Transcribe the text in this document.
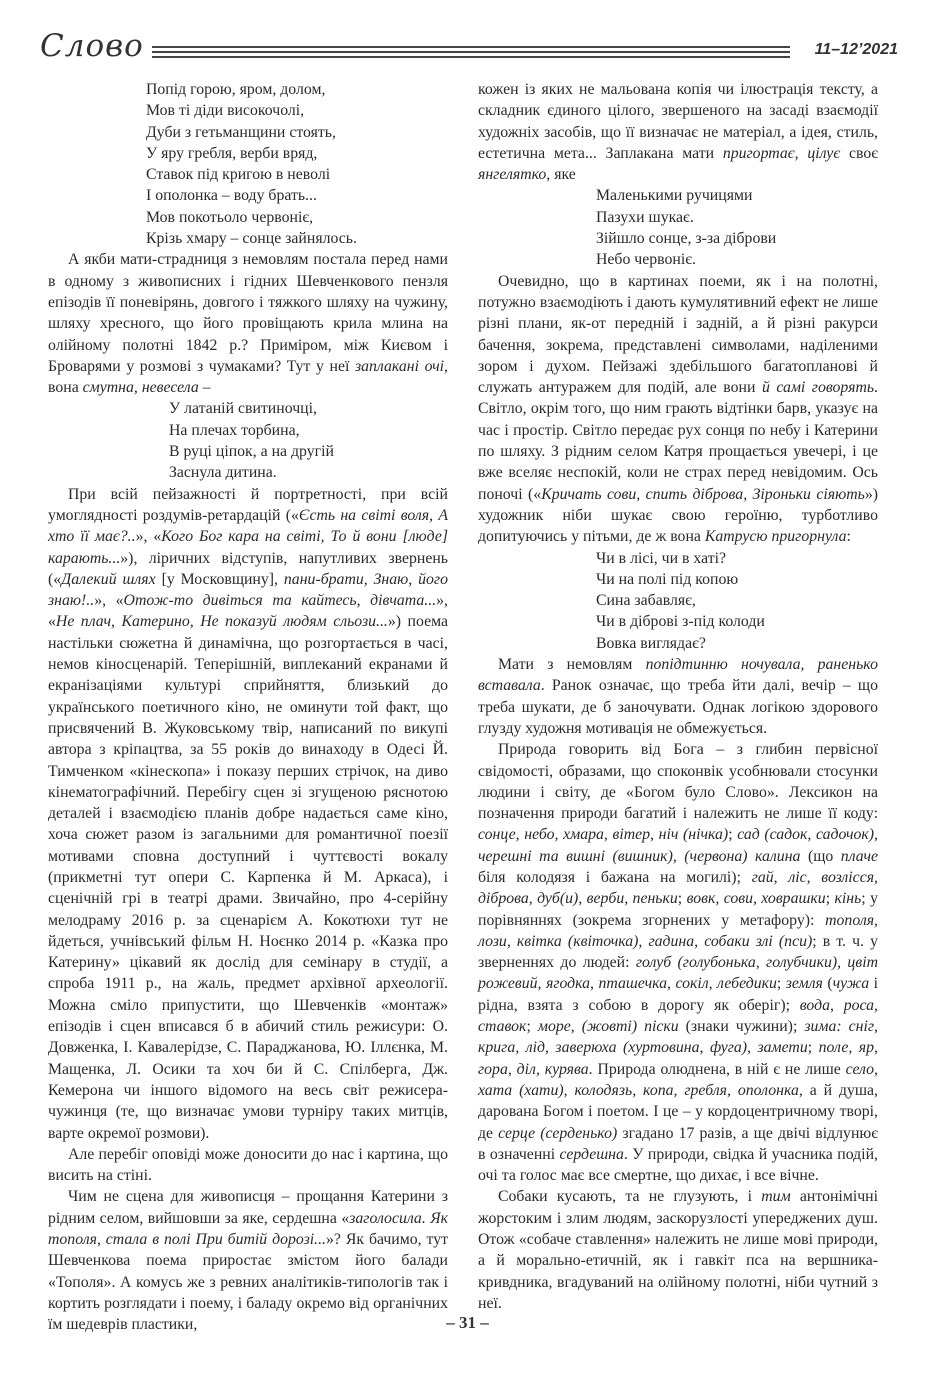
Слово	11–12’2021
Попід горою, яром, долом,
Мов ті діди високочолі,
Дуби з гетьманщини стоять,
У яру гребля, верби вряд,
Ставок під кригою в неволі
І ополонка – воду брать...
Мов покотьоло червоніє,
Крізь хмару – сонце зайнялось.

А якби мати-страдниця з немовлям постала перед нами в одному з живописних і гідних Шевченкового пензля епізодів її поневірянь, довгого і тяжкого шляху на чужину, шляху хресного, що його провіщають крила млина на олійному полотні 1842 р.? Приміром, між Києвом і Броварями у розмові з чумаками? Тут у неї заплакані очі, вона смутна, невесела –

У латаній свитиночці,
На плечах торбина,
В руці ціпок, а на другій
Заснула дитина.

При всій пейзажності й портретності, при всій умоглядності роздумів-ретардацій («Єсть на світі воля, А хто її має?..», «Кого Бог кара на світі, То й вони [люде] карають...»), ліричних відступів, напутливих звернень («Далекий шлях [у Московщину], пани-брати, Знаю, його знаю!..», «Отож-то дивіться та кайтесь, дівчата...», «Не плач, Катерино, Не показуй людям сльози...») поема настільки сюжетна й динамічна, що розгортається в часі, немов кіносценарій. Теперішній, виплеканий екранами й екранізаціями культурі сприйняття, близький до українського поетичного кіно, не оминути той факт, що присвячений В. Жуковському твір, написаний по викупі автора з кріпацтва, за 55 років до винаходу в Одесі Й. Тимченком «кінескопа» і показу перших стрічок, на диво кінематографічний. Перебігу сцен зі згущеною ряснотою деталей і взаємодією планів добре надається саме кіно, хоча сюжет разом із загальними для романтичної поезії мотивами сповна доступний і чуттєвості вокалу (прикметні тут опери С. Карпенка й М. Аркаса), і сценічній грі в театрі драми. Звичайно, про 4-серійну мелодраму 2016 р. за сценарієм А. Кокотюхи тут не йдеться, учнівський фільм Н. Ноєнко 2014 р. «Казка про Катерину» цікавий як дослід для семінару в студії, а спроба 1911 р., на жаль, предмет архівної археології. Можна сміло припустити, що Шевченків «монтаж» епізодів і сцен вписався б в абичий стиль режисури: О. Довженка, І. Кавалерідзе, С. Параджанова, Ю. Іллєнка, М. Мащенка, Л. Осики та хоч би й С. Спілберга, Дж. Кемерона чи іншого відомого на весь світ режисера-чужинця (те, що визначає умови турніру таких митців, варте окремої розмови).

Але перебіг оповіді може доносити до нас і картина, що висить на стіні.

Чим не сцена для живописця – прощання Катерини з рідним селом, вийшовши за яке, сердешна «заголосила. Як тополя, стала в полі При битій дорозі...»? Як бачимо, тут Шевченкова поема приростає змістом його балади «Тополя». А комусь же з ревних аналітиків-типологів так і кортить розглядати і поему, і баладу окремо від органічних їм шедеврів пластики,

кожен із яких не мальована копія чи ілюстрація тексту, а складник єдиного цілого, звершеного на засаді взаємодії художніх засобів, що її визначає не матеріал, а ідея, стиль, естетична мета... Заплакана мати пригортає, цілує своє янгелятко, яке

Маленькими ручицями
Пазухи шукає.
Зійшло сонце, з-за діброви
Небо червоніє.

Очевидно, що в картинах поеми, як і на полотні, потужно взаємодіють і дають кумулятивний ефект не лише різні плани, як-от передній і задній, а й різні ракурси бачення, зокрема, представлені символами, наділеними зором і духом. Пейзажі здебільшого багатопланові й служать антуражем для подій, але вони й самі говорять. Світло, окрім того, що ним грають відтінки барв, указує на час і простір. Світло передає рух сонця по небу і Катерини по шляху. З рідним селом Катря прощається увечері, і це вже вселяє неспокій, коли не страх перед невідомим. Ось поночі («Кричать сови, спить діброва, Зіроньки сіяють») художник ніби шукає свою героїню, турботливо допитуючись у пітьми, де ж вона Катрусю пригорнула:

Чи в лісі, чи в хаті?
Чи на полі під копою
Сина забавляє,
Чи в діброві з-під колоди
Вовка виглядає?

Мати з немовлям попідтинню ночувала, раненько вставала. Ранок означає, що треба йти далі, вечір – що треба шукати, де б заночувати. Однак логікою здорового глузду художня мотивація не обмежується.

Природа говорить від Бога – з глибин первісної свідомості, образами, що споконвік усобнювали стосунки людини і світу, де «Богом було Слово». Лексикон на позначення природи багатий і належить не лише її коду: сонце, небо, хмара, вітер, ніч (нічка); сад (садок, садочок), черешні та вишні (вишник), (червона) калина (що плаче біля колодязя і бажана на могилі); гай, ліс, возлісся, діброва, дуб(и), верби, пеньки; вовк, сови, ховрашки; кінь; у порівняннях (зокрема згорнених у метафору): тополя, лози, квітка (квіточка), гадина, собаки злі (пси); в т. ч. у зверненнях до людей: голуб (голубонька, голубчики), цвіт рожевий, ягодка, пташечка, сокіл, лебедики; земля (чужа і рідна, взята з собою в дорогу як оберіг); вода, роса, ставок; море, (жовті) піски (знаки чужини); зима: сніг, крига, лід, заверюха (хуртовина, фуга), замети; поле, яр, гора, діл, курява. Природа олюднена, в ній є не лише село, хата (хати), колодязь, копа, гребля, ополонка, а й душа, дарована Богом і поетом. І це – у кордоцентричному творі, де серце (серденько) згадано 17 разів, а ще двічі відлунює в означенні сердешна. У природи, свідка й учасника подій, очі та голос має все смертне, що дихає, і все вічне.

Собаки кусають, та не глузують, і тим антонімічні жорстоким і злим людям, заскорузлості упереджених душ. Отож «собаче ставлення» належить не лише мові природи, а й морально-етичній, як і гавкіт пса на вершника-кривдника, вгадуваний на олійному полотні, ніби чутний з неї.

– 31 –
